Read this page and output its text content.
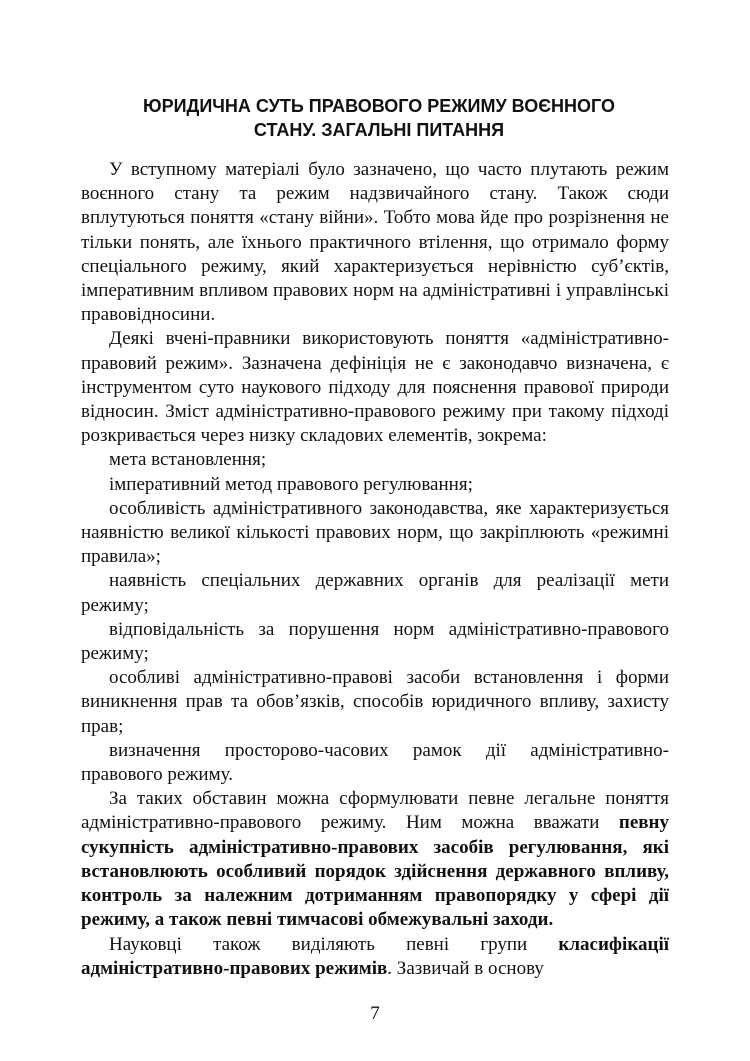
ЮРИДИЧНА СУТЬ ПРАВОВОГО РЕЖИМУ ВОЄННОГО
СТАНУ. ЗАГАЛЬНІ ПИТАННЯ

У вступному матеріалі було зазначено, що часто плутають режим воєнного стану та режим надзвичайного стану. Також сюди вплутуються поняття «стану війни». Тобто мова йде про розрізнення не тільки понять, але їхнього практичного втілення, що отримало форму спеціального режиму, який характеризується нерівністю суб’єктів, імперативним впливом правових норм на адміністративні і управлінські правовідносини.

Деякі вчені-правники використовують поняття «адміністративно-правовий режим». Зазначена дефініція не є законодавчо визначена, є інструментом суто наукового підходу для пояснення правової природи відносин. Зміст адміністративно-правового режиму при такому підході розкривається через низку складових елементів, зокрема:

мета встановлення;

імперативний метод правового регулювання;

особливість адміністративного законодавства, яке характеризується наявністю великої кількості правових норм, що закріплюють «режимні правила»;

наявність спеціальних державних органів для реалізації мети режиму;

відповідальність за порушення норм адміністративно-правового режиму;

особливі адміністративно-правові засоби встановлення і форми виникнення прав та обов’язків, способів юридичного впливу, захисту прав;

визначення просторово-часових рамок дії адміністративно-правового режиму.

За таких обставин можна сформулювати певне легальне поняття адміністративно-правового режиму. Ним можна вважати певну сукупність адміністративно-правових засобів регулювання, які встановлюють особливий порядок здійснення державного впливу, контроль за належним дотриманням правопорядку у сфері дії режиму, а також певні тимчасові обмежувальні заходи.

Науковці також виділяють певні групи класифікації адміністративно-правових режимів. Зазвичай в основу

7
